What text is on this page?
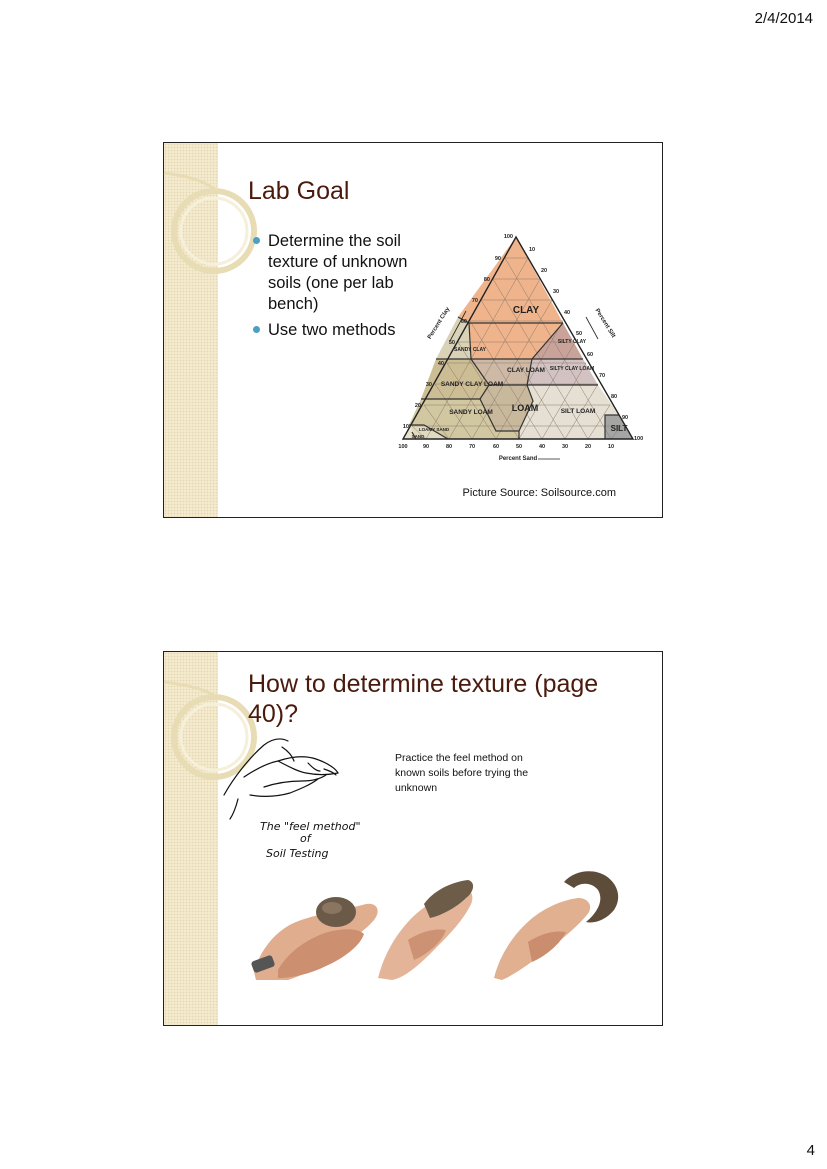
2/4/2014
Lab Goal
Determine the soil texture of unknown soils (one per lab bench)
Use two methods
CLAY
SILTY CLAY
SANDY CLAY
CLAY LOAM SILTY CLAY LOAM
SANDY CLAY LOAM
LOAM	SILT LOAM
SANDY LOAM
LOAMY SAND
SAND
SILT
100
90
80
70
60
50
40
30
20
10
10
20
30
40
50
60
70
80
90
100
100	90	80	70	60	50	40	30	20	10
Percent Clay	Percent Silt
Percent Sand
Picture Source: Soilsource.com
How to determine texture (page 40)?
The "feel method"
of
Soil Testing
Practice the feel method on known soils before trying the unknown
4
